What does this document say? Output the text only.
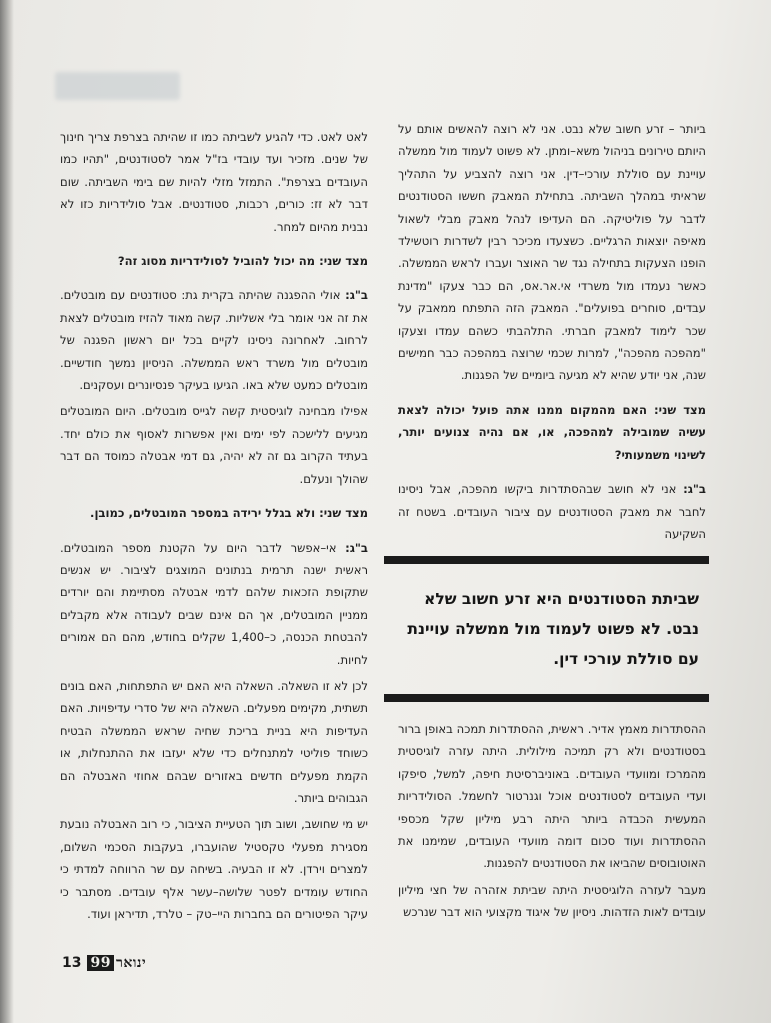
ביותר – זרע חשוב שלא נבט. אני לא רוצה להאשים אותם על היותם טירונים בניהול משא–ומתן. לא פשוט לעמוד מול ממשלה עויינת עם סוללת עורכי–דין. אני רוצה להצביע על התהליך שראיתי במהלך השביתה. בתחילת המאבק חששו הסטודנטים לדבר על פוליטיקה. הם העדיפו לנהל מאבק מבלי לשאול מאיפה יוצאות הרגליים. כשצעדו מכיכר רבין לשדרות רוטשילד הופנו הצעקות בתחילה נגד שר האוצר ועברו לראש הממשלה. כאשר נעמדו מול משרדי אי.אר.אס, הם כבר צעקו "מדינת עבדים, סוחרים בפועלים". המאבק הזה התפתח ממאבק על שכר לימוד למאבק חברתי. התלהבתי כשהם עמדו וצעקו "מהפכה מהפכה", למרות שכמי שרוצה במהפכה כבר חמישים שנה, אני יודע שהיא לא מגיעה ביומיים של הפגנות.

מצד שני: האם מהמקום ממנו אתה פועל יכולה לצאת עשיה שמובילה למהפכה, או, אם נהיה צנועים יותר, לשינוי משמעותי?

ב"ג: אני לא חושב שבהסתדרות ביקשו מהפכה, אבל ניסינו לחבר את מאבק הסטודנטים עם ציבור העובדים. בשטח זה השקיעה

שביתת הסטודנטים היא זרע חשוב שלא נבט. לא פשוט לעמוד מול ממשלה עויינת עם סוללת עורכי דין.

ההסתדרות מאמץ אדיר. ראשית, ההסתדרות תמכה באופן ברור בסטודנטים ולא רק תמיכה מילולית. היתה עזרה לוגיסטית מהמרכז ומוועדי העובדים. באוניברסיטת חיפה, למשל, סיפקו ועדי העובדים לסטודנטים אוכל וגנרטור לחשמל. הסולידריות המעשית הכבדה ביותר היתה רבע מיליון שקל מכספי ההסתדרות ועוד סכום דומה מוועדי העובדים, שמימנו את האוטובוסים שהביאו את הסטודנטים להפגנות.

מעבר לעזרה הלוגיסטית היתה שביתת אזהרה של חצי מיליון עובדים לאות הזדהות. ניסיון של איגוד מקצועי הוא דבר שנרכש

לאט לאט. כדי להגיע לשביתה כמו זו שהיתה בצרפת צריך חינוך של שנים. מזכיר ועד עובדי בז"ל אמר לסטודנטים, "תהיו כמו העובדים בצרפת". התמזל מזלי להיות שם בימי השביתה. שום דבר לא זז: כורים, רכבות, סטודנטים. אבל סולידריות כזו לא נבנית מהיום למחר.

מצד שני: מה יכול להוביל לסולידריות מסוג זה?

ב"ג: אולי ההפגנה שהיתה בקרית גת: סטודנטים עם מובטלים. את זה אני אומר בלי אשליות. קשה מאוד להזיז מובטלים לצאת לרחוב. לאחרונה ניסינו לקיים בכל יום ראשון הפגנה של מובטלים מול משרד ראש הממשלה. הניסיון נמשך חודשיים. מובטלים כמעט שלא באו. הגיעו בעיקר פנסיונרים ועסקנים.

אפילו מבחינה לוגיסטית קשה לגייס מובטלים. היום המובטלים מגיעים ללישכה לפי ימים ואין אפשרות לאסוף את כולם יחד. בעתיד הקרוב גם זה לא יהיה, גם דמי אבטלה כמוסד הם דבר שהולך ונעלם.

מצד שני: ולא בגלל ירידה במספר המובטלים, כמובן.

ב"ג: אי–אפשר לדבר היום על הקטנת מספר המובטלים. ראשית ישנה תרמית בנתונים המוצגים לציבור. יש אנשים שתקופת הזכאות שלהם לדמי אבטלה מסתיימת והם יורדים ממניין המובטלים, אך הם אינם שבים לעבודה אלא מקבלים להבטחת הכנסה, כ–1,400 שקלים בחודש, מהם הם אמורים לחיות.

לכן לא זו השאלה. השאלה היא האם יש התפתחות, האם בונים תשתית, מקימים מפעלים. השאלה היא של סדרי עדיפויות. האם העדיפות היא בניית בריכת שחיה שראש הממשלה הבטיח כשוחד פוליטי למתנחלים כדי שלא יעזבו את ההתנחלות, או הקמת מפעלים חדשים באזורים שבהם אחוזי האבטלה הם הגבוהים ביותר.

יש מי שחושב, ושוב תוך הטעיית הציבור, כי רוב האבטלה נובעת מסגירת מפעלי טקסטיל שהועברו, בעקבות הסכמי השלום, למצרים וירדן. לא זו הבעיה. בשיחה עם שר הרווחה למדתי כי החודש עומדים לפטר שלושה–עשר אלף עובדים. מסתבר כי עיקר הפיטורים הם בחברות היי–טק – טלרד, תדיראן ועוד.

13 99 ינואר
